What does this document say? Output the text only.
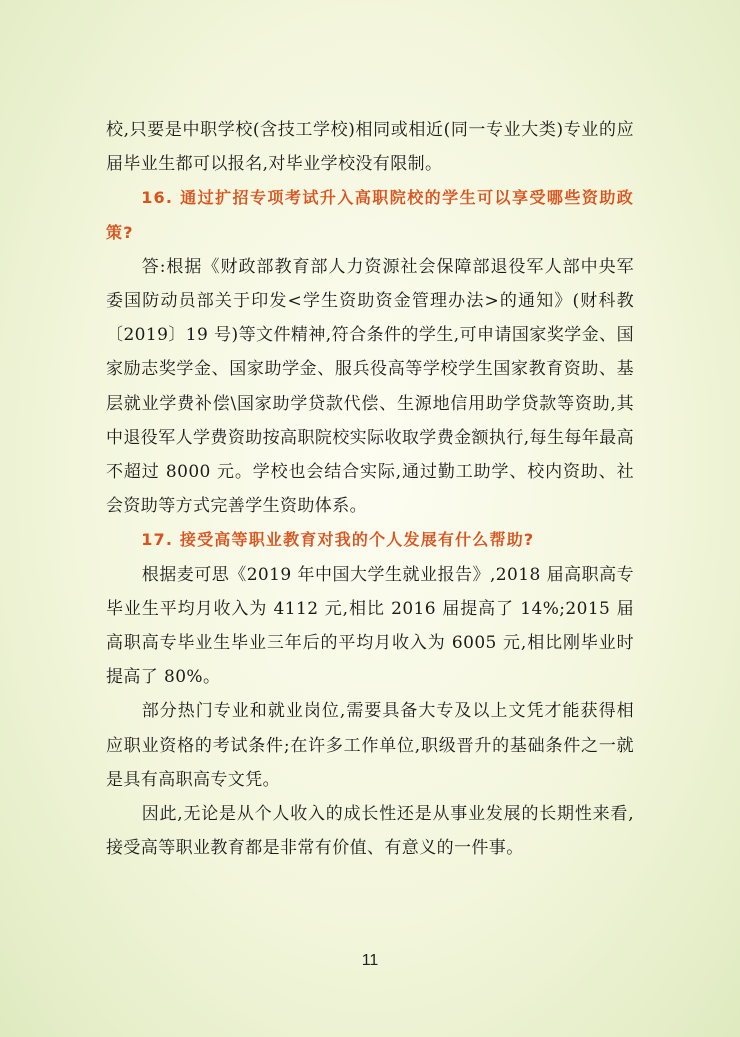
校,只要是中职学校(含技工学校)相同或相近(同一专业大类)专业的应届毕业生都可以报名,对毕业学校没有限制。

16. 通过扩招专项考试升入高职院校的学生可以享受哪些资助政策?

答:根据《财政部教育部人力资源社会保障部退役军人部中央军委国防动员部关于印发<学生资助资金管理办法>的通知》(财科教〔2019〕19 号)等文件精神,符合条件的学生,可申请国家奖学金、国家励志奖学金、国家助学金、服兵役高等学校学生国家教育资助、基层就业学费补偿\国家助学贷款代偿、生源地信用助学贷款等资助,其中退役军人学费资助按高职院校实际收取学费金额执行,每生每年最高不超过 8000 元。学校也会结合实际,通过勤工助学、校内资助、社会资助等方式完善学生资助体系。

17. 接受高等职业教育对我的个人发展有什么帮助?

根据麦可思《2019 年中国大学生就业报告》,2018 届高职高专毕业生平均月收入为 4112 元,相比 2016 届提高了 14%;2015 届高职高专毕业生毕业三年后的平均月收入为 6005 元,相比刚毕业时提高了 80%。

部分热门专业和就业岗位,需要具备大专及以上文凭才能获得相应职业资格的考试条件;在许多工作单位,职级晋升的基础条件之一就是具有高职高专文凭。

因此,无论是从个人收入的成长性还是从事业发展的长期性来看,接受高等职业教育都是非常有价值、有意义的一件事。

11
